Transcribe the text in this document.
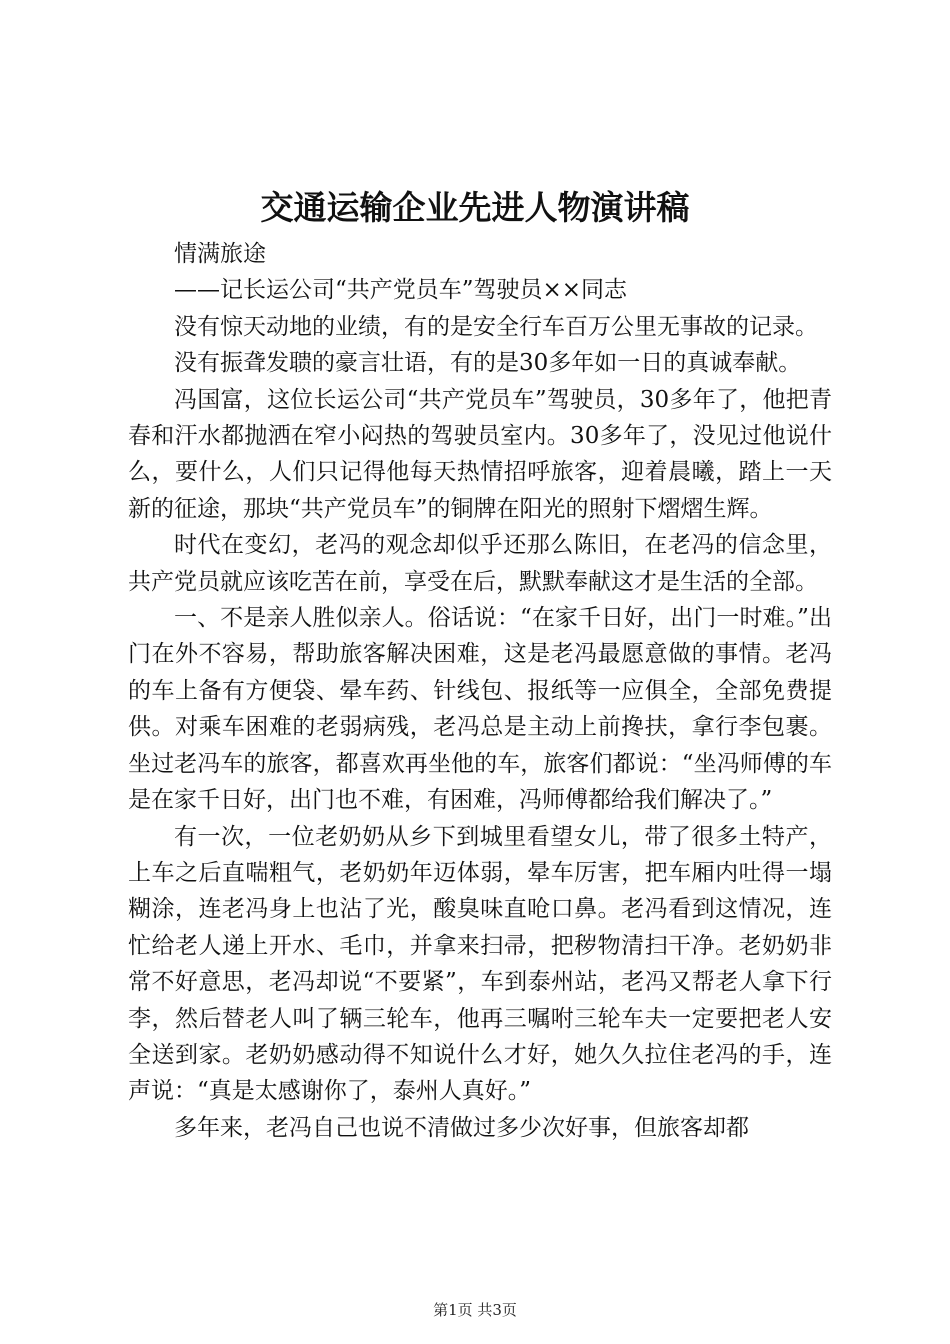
交通运输企业先进人物演讲稿

情满旅途

——记长运公司“共产党员车”驾驶员××同志

没有惊天动地的业绩，有的是安全行车百万公里无事故的记录。

没有振聋发聩的豪言壮语，有的是30多年如一日的真诚奉献。

冯国富，这位长运公司“共产党员车”驾驶员，30多年了，他把青春和汗水都抛洒在窄小闷热的驾驶员室内。30多年了，没见过他说什么，要什么，人们只记得他每天热情招呼旅客，迎着晨曦，踏上一天新的征途，那块“共产党员车”的铜牌在阳光的照射下熠熠生辉。

时代在变幻，老冯的观念却似乎还那么陈旧，在老冯的信念里，共产党员就应该吃苦在前，享受在后，默默奉献这才是生活的全部。

一、不是亲人胜似亲人。俗话说：“在家千日好，出门一时难。”出门在外不容易，帮助旅客解决困难，这是老冯最愿意做的事情。老冯的车上备有方便袋、晕车药、针线包、报纸等一应俱全，全部免费提供。对乘车困难的老弱病残，老冯总是主动上前搀扶，拿行李包裹。坐过老冯车的旅客，都喜欢再坐他的车，旅客们都说：“坐冯师傅的车是在家千日好，出门也不难，有困难，冯师傅都给我们解决了。”

有一次，一位老奶奶从乡下到城里看望女儿，带了很多土特产，上车之后直喘粗气，老奶奶年迈体弱，晕车厉害，把车厢内吐得一塌糊涂，连老冯身上也沾了光，酸臭味直呛口鼻。老冯看到这情况，连忙给老人递上开水、毛巾，并拿来扫帚，把秽物清扫干净。老奶奶非常不好意思，老冯却说“不要紧”，车到泰州站，老冯又帮老人拿下行李，然后替老人叫了辆三轮车，他再三嘱咐三轮车夫一定要把老人安全送到家。老奶奶感动得不知说什么才好，她久久拉住老冯的手，连声说：“真是太感谢你了，泰州人真好。”

多年来，老冯自己也说不清做过多少次好事，但旅客却都

第1页 共3页
